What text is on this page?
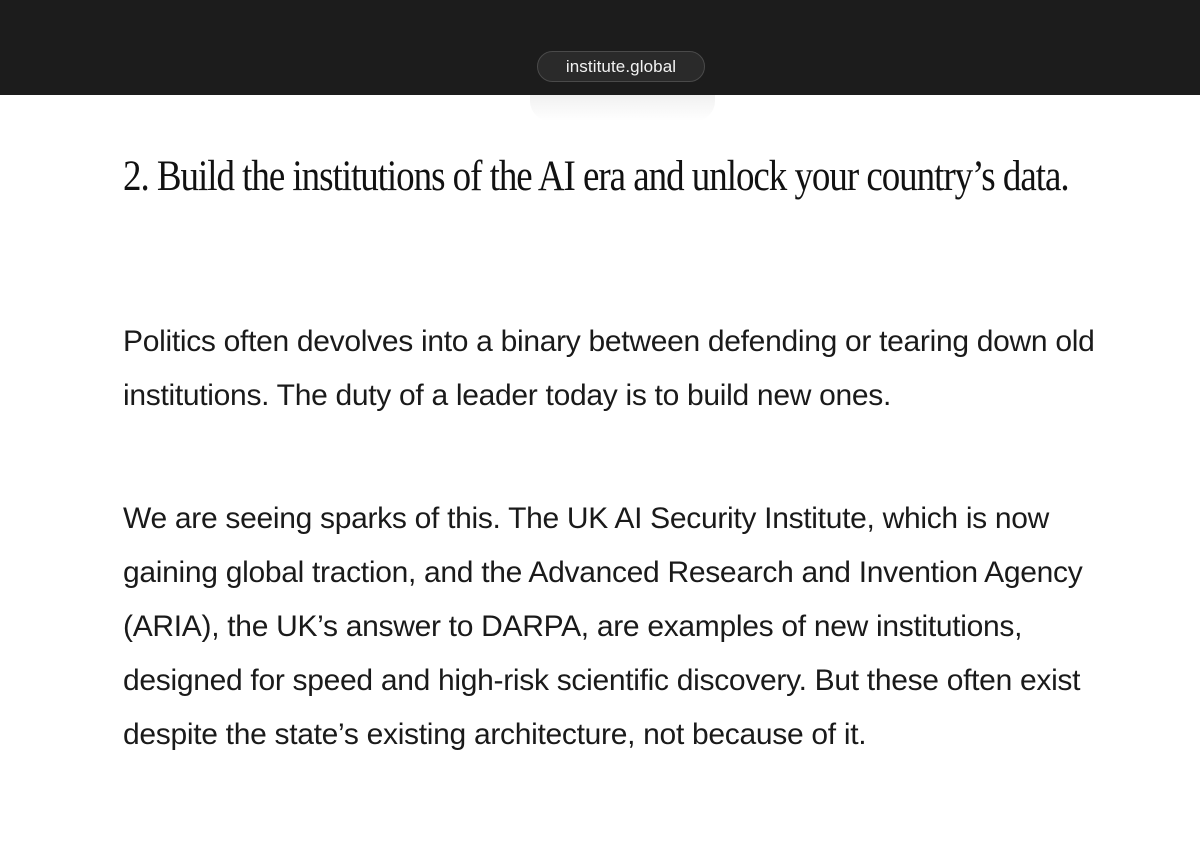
institute.global
2. Build the institutions of the AI era and unlock your country’s data.

Politics often devolves into a binary between defending or tearing down old institutions. The duty of a leader today is to build new ones.

We are seeing sparks of this. The UK AI Security Institute, which is now gaining global traction, and the Advanced Research and Invention Agency (ARIA), the UK’s answer to DARPA, are examples of new institutions, designed for speed and high-risk scientific discovery. But these often exist despite the state’s existing architecture, not because of it.
